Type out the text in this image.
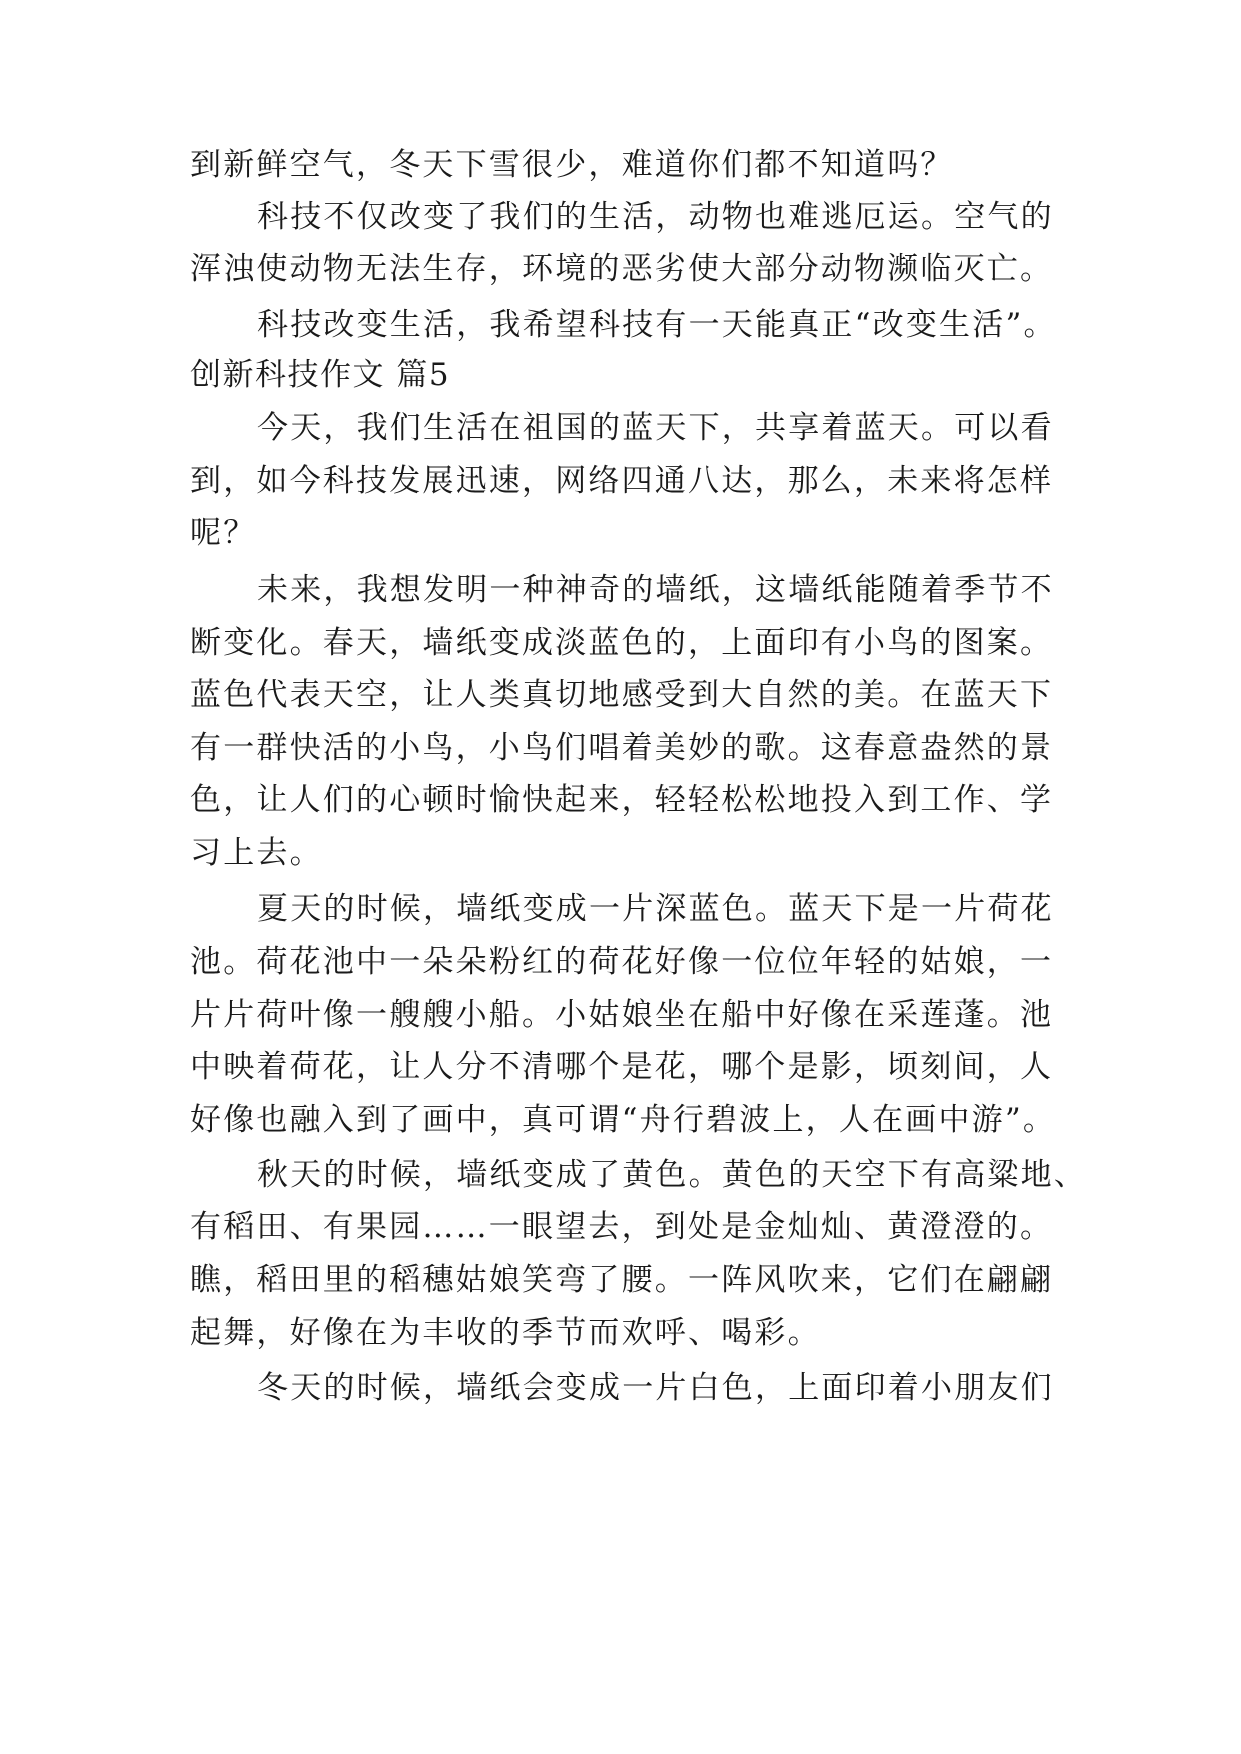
到新鲜空气，冬天下雪很少，难道你们都不知道吗？
科技不仅改变了我们的生活，动物也难逃厄运。空气的
浑浊使动物无法生存，环境的恶劣使大部分动物濒临灭亡。
科技改变生活，我希望科技有一天能真正“改变生活”。
创新科技作文 篇5
今天，我们生活在祖国的蓝天下，共享着蓝天。可以看
到，如今科技发展迅速，网络四通八达，那么，未来将怎样
呢？
未来，我想发明一种神奇的墙纸，这墙纸能随着季节不
断变化。春天，墙纸变成淡蓝色的，上面印有小鸟的图案。
蓝色代表天空，让人类真切地感受到大自然的美。在蓝天下
有一群快活的小鸟，小鸟们唱着美妙的歌。这春意盎然的景
色，让人们的心顿时愉快起来，轻轻松松地投入到工作、学
习上去。
夏天的时候，墙纸变成一片深蓝色。蓝天下是一片荷花
池。荷花池中一朵朵粉红的荷花好像一位位年轻的姑娘，一
片片荷叶像一艘艘小船。小姑娘坐在船中好像在采莲蓬。池
中映着荷花，让人分不清哪个是花，哪个是影，顷刻间，人
好像也融入到了画中，真可谓“舟行碧波上，人在画中游”。
秋天的时候，墙纸变成了黄色。黄色的天空下有高粱地、
有稻田、有果园……一眼望去，到处是金灿灿、黄澄澄的。
瞧，稻田里的稻穗姑娘笑弯了腰。一阵风吹来，它们在翩翩
起舞，好像在为丰收的季节而欢呼、喝彩。
冬天的时候，墙纸会变成一片白色，上面印着小朋友们
